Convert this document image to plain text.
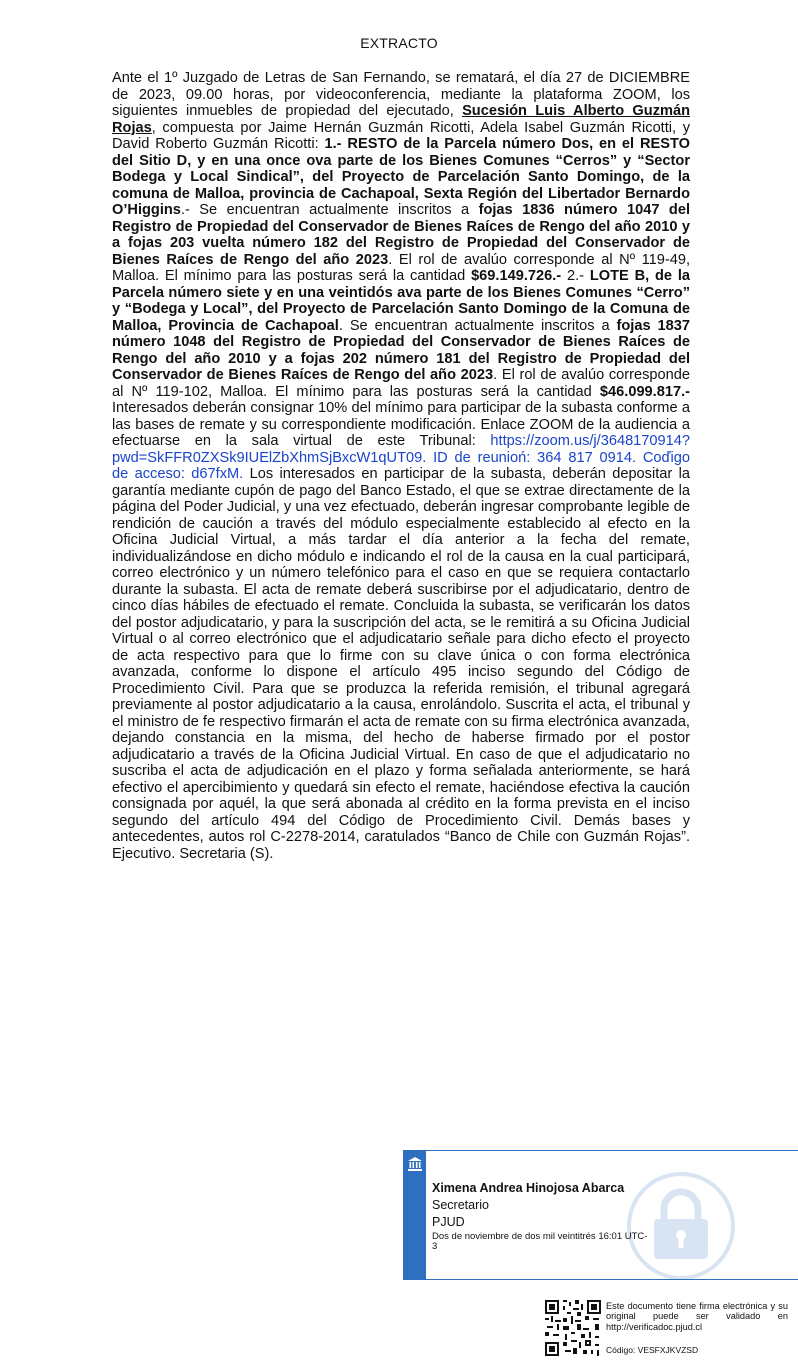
EXTRACTO
Ante el 1º Juzgado de Letras de San Fernando, se rematará, el día 27 de DICIEMBRE de 2023, 09.00 horas, por videoconferencia, mediante la plataforma ZOOM, los siguientes inmuebles de propiedad del ejecutado, Sucesión Luis Alberto Guzmán Rojas, compuesta por Jaime Hernán Guzmán Ricotti, Adela Isabel Guzmán Ricotti, y David Roberto Guzmán Ricotti: 1.- RESTO de la Parcela número Dos, en el RESTO del Sitio D, y en una once ova parte de los Bienes Comunes “Cerros” y “Sector Bodega y Local Sindical”, del Proyecto de Parcelación Santo Domingo, de la comuna de Malloa, provincia de Cachapoal, Sexta Región del Libertador Bernardo O’Higgins.- Se encuentran actualmente inscritos a fojas 1836 número 1047 del Registro de Propiedad del Conservador de Bienes Raíces de Rengo del año 2010 y a fojas 203 vuelta número 182 del Registro de Propiedad del Conservador de Bienes Raíces de Rengo del año 2023. El rol de avalúo corresponde al Nº 119-49, Malloa. El mínimo para las posturas será la cantidad $69.149.726.- 2.- LOTE B, de la Parcela número siete y en una veintidós ava parte de los Bienes Comunes “Cerro” y “Bodega y Local”, del Proyecto de Parcelación Santo Domingo de la Comuna de Malloa, Provincia de Cachapoal. Se encuentran actualmente inscritos a fojas 1837 número 1048 del Registro de Propiedad del Conservador de Bienes Raíces de Rengo del año 2010 y a fojas 202 número 181 del Registro de Propiedad del Conservador de Bienes Raíces de Rengo del año 2023. El rol de avalúo corresponde al Nº 119-102, Malloa. El mínimo para las posturas será la cantidad $46.099.817.- Interesados deberán consignar 10% del mínimo para participar de la subasta conforme a las bases de remate y su correspondiente modificación. Enlace ZOOM de la audiencia a efectuarse en la sala virtual de este Tribunal: https://zoom.us/j/3648170914?pwd=SkFFR0ZXSk9IUElZbXhmSjBxcW1qUT09. ID de reunioń: 364 817 0914. Coďigo de acceso: d67fxM. Los interesados en participar de la subasta, deberán depositar la garantía mediante cupón de pago del Banco Estado, el que se extrae directamente de la página del Poder Judicial, y una vez efectuado, deberán ingresar comprobante legible de rendición de caución a través del módulo especialmente establecido al efecto en la Oficina Judicial Virtual, a más tardar el día anterior a la fecha del remate, individualizándose en dicho módulo e indicando el rol de la causa en la cual participará, correo electrónico y un número telefónico para el caso en que se requiera contactarlo durante la subasta. El acta de remate deberá suscribirse por el adjudicatario, dentro de cinco días hábiles de efectuado el remate. Concluida la subasta, se verificarán los datos del postor adjudicatario, y para la suscripción del acta, se le remitirá a su Oficina Judicial Virtual o al correo electrónico que el adjudicatario señale para dicho efecto el proyecto de acta respectivo para que lo firme con su clave única o con forma electrónica avanzada, conforme lo dispone el artículo 495 inciso segundo del Código de Procedimiento Civil. Para que se produzca la referida remisión, el tribunal agregará previamente al postor adjudicatario a la causa, enrolándolo. Suscrita el acta, el tribunal y el ministro de fe respectivo firmarán el acta de remate con su firma electrónica avanzada, dejando constancia en la misma, del hecho de haberse firmado por el postor adjudicatario a través de la Oficina Judicial Virtual. En caso de que el adjudicatario no suscriba el acta de adjudicación en el plazo y forma señalada anteriormente, se hará efectivo el apercibimiento y quedará sin efecto el remate, haciéndose efectiva la caución consignada por aquél, la que será abonada al crédito en la forma prevista en el inciso segundo del artículo 494 del Código de Procedimiento Civil. Demás bases y antecedentes, autos rol C-2278-2014, caratulados “Banco de Chile con Guzmán Rojas”. Ejecutivo. Secretaria (S).
Ximena Andrea Hinojosa Abarca
Secretario
PJUD
Dos de noviembre de dos mil veintitrés 16:01 UTC-3
Este documento tiene firma electrónica y su original puede ser validado en http://verificadoc.pjud.cl
Código: VESFXJKVZSD
